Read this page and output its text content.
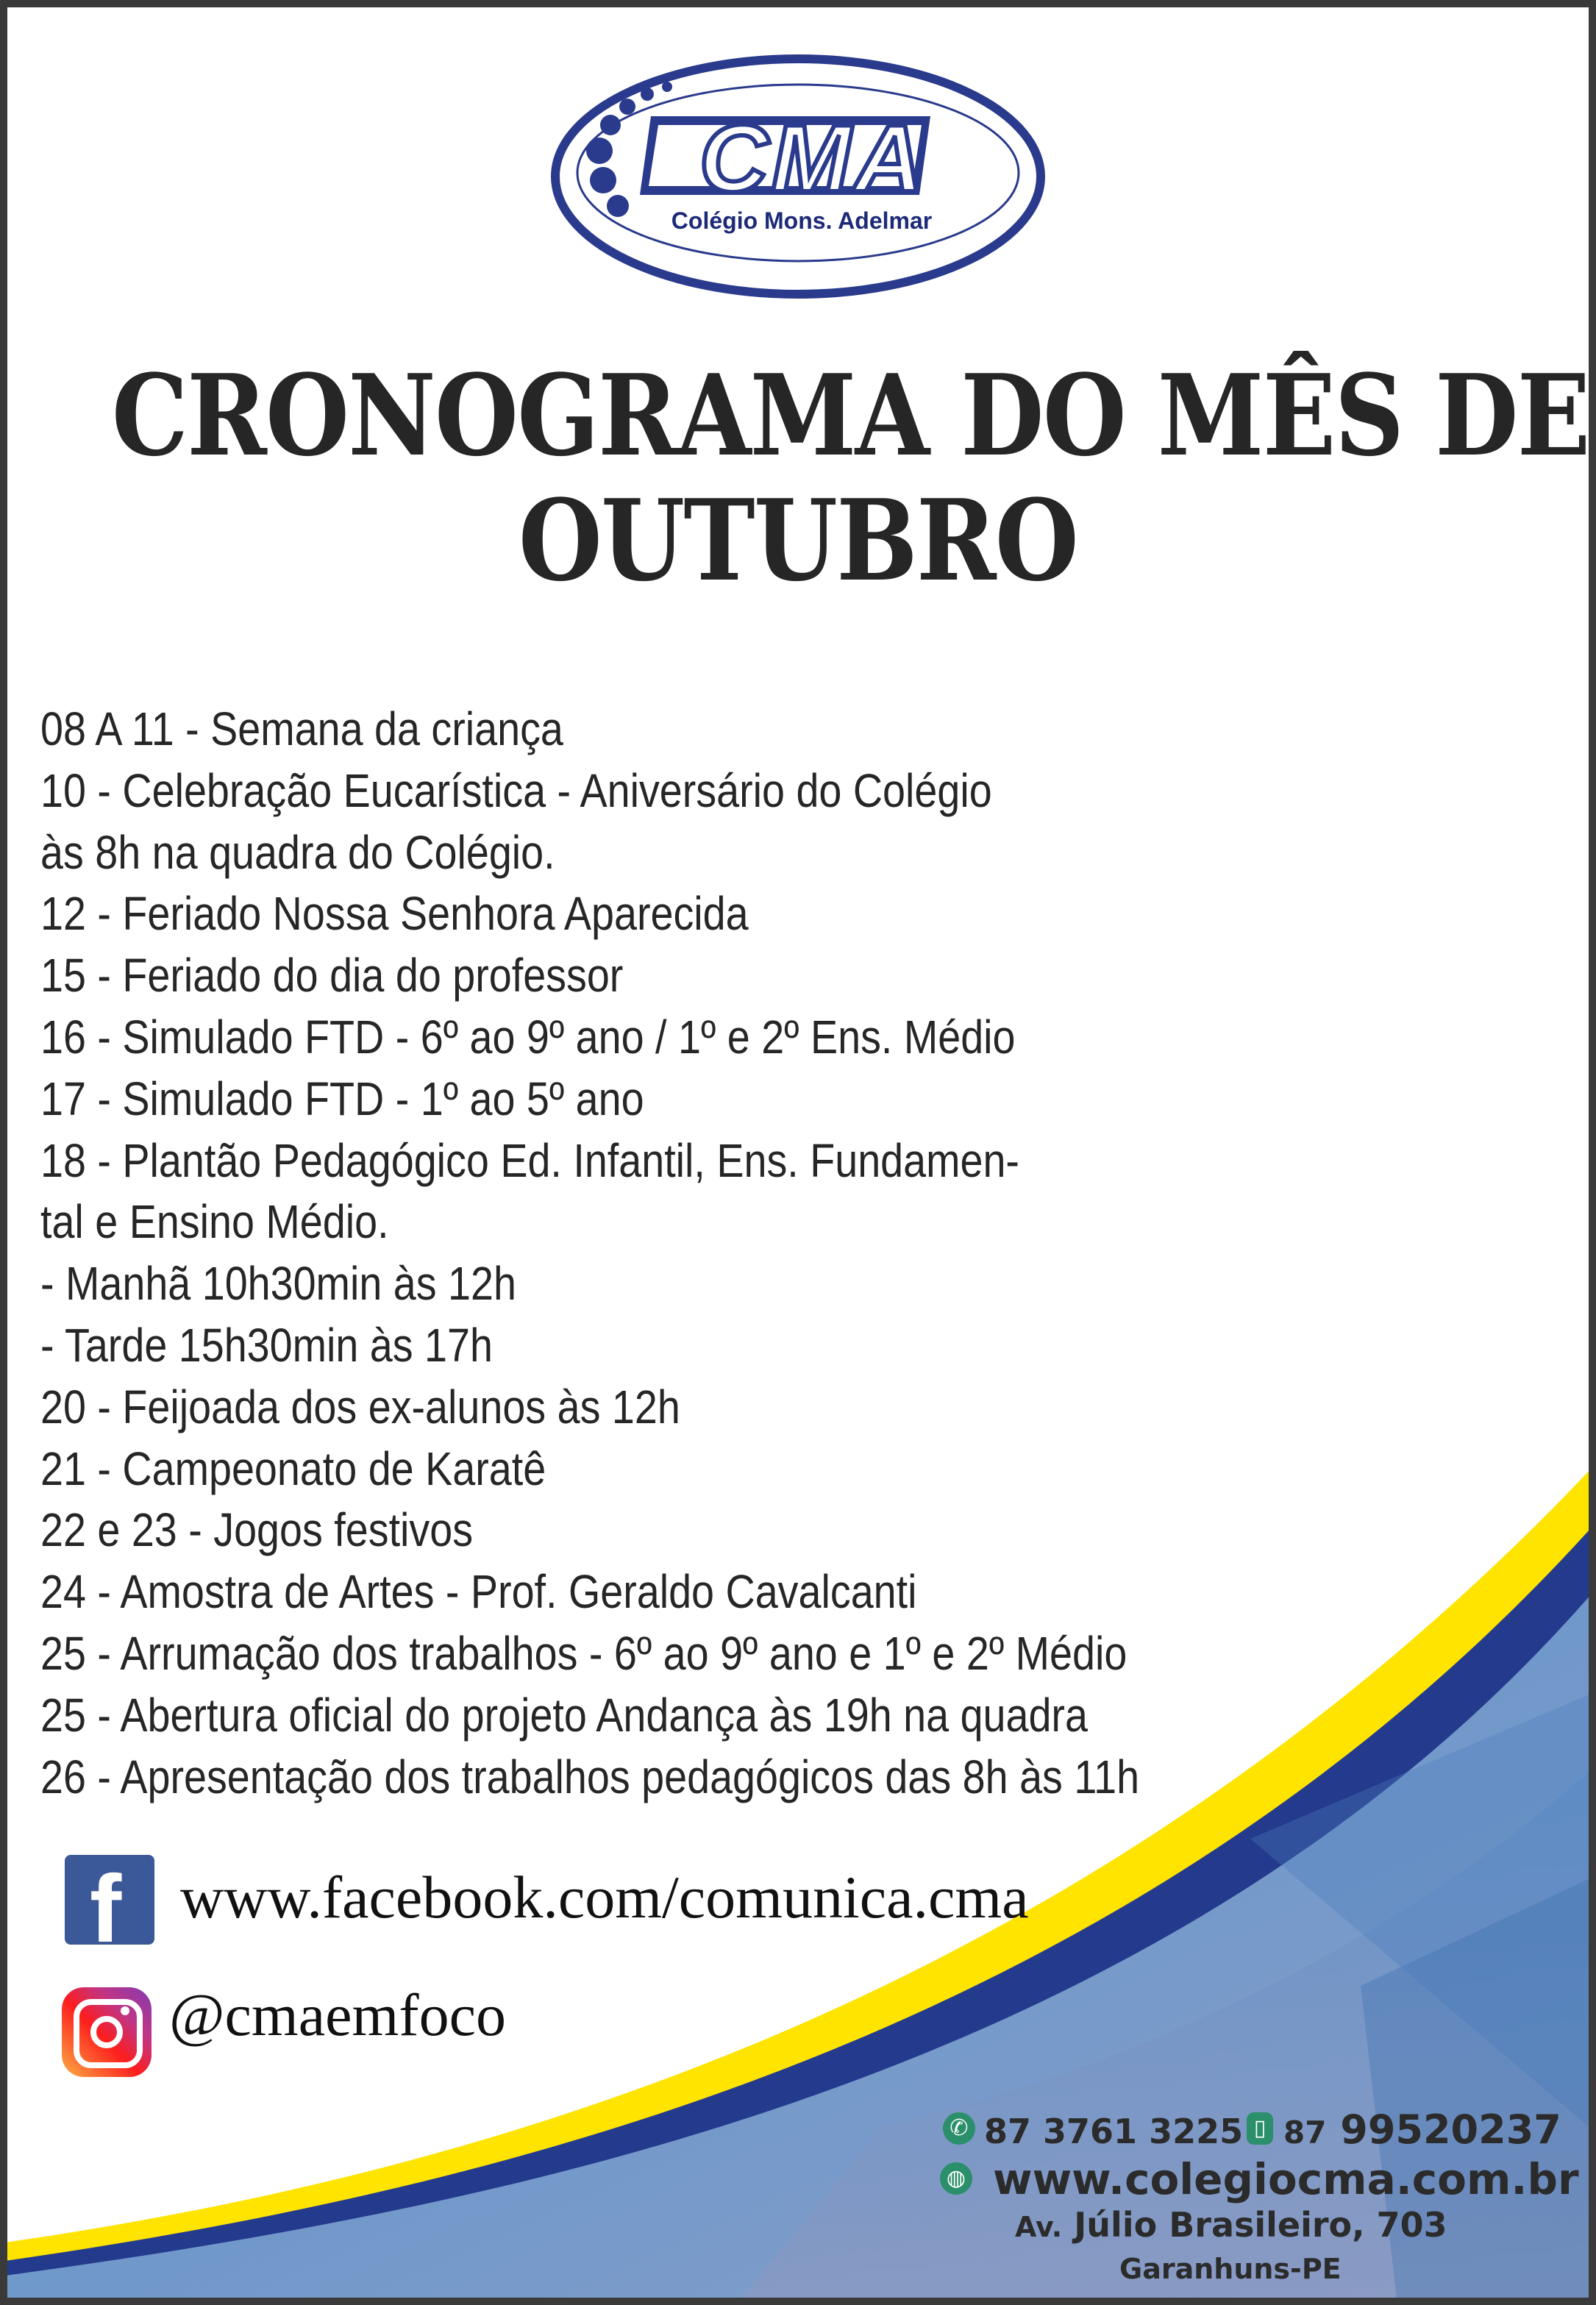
CMA
Colégio Mons. Adelmar
CRONOGRAMA DO MÊS DE
OUTUBRO
08 A 11 - Semana da criança
10 - Celebração Eucarística - Aniversário do Colégio
às 8h na quadra do Colégio.
12 - Feriado Nossa Senhora Aparecida
15 - Feriado do dia do professor
16 - Simulado FTD - 6º ao 9º ano / 1º e 2º Ens. Médio
17 - Simulado FTD - 1º ao 5º ano
18 - Plantão Pedagógico Ed. Infantil, Ens. Fundamen-
tal e Ensino Médio.
- Manhã 10h30min às 12h
- Tarde 15h30min às 17h
20 - Feijoada dos ex-alunos às 12h
21 - Campeonato de Karatê
22 e 23 - Jogos festivos
24 - Amostra de Artes - Prof. Geraldo Cavalcanti
25 - Arrumação dos trabalhos - 6º ao 9º ano e 1º e 2º Médio
25 - Abertura oficial do projeto Andança às 19h na quadra
26 - Apresentação dos trabalhos pedagógicos das 8h às 11h
f www.facebook.com/comunica.cma
@cmaemfoco
✆ 87 3761 3225 ▯ 87 99520237
◍ www.colegiocma.com.br
Av. Júlio Brasileiro, 703
Garanhuns-PE
